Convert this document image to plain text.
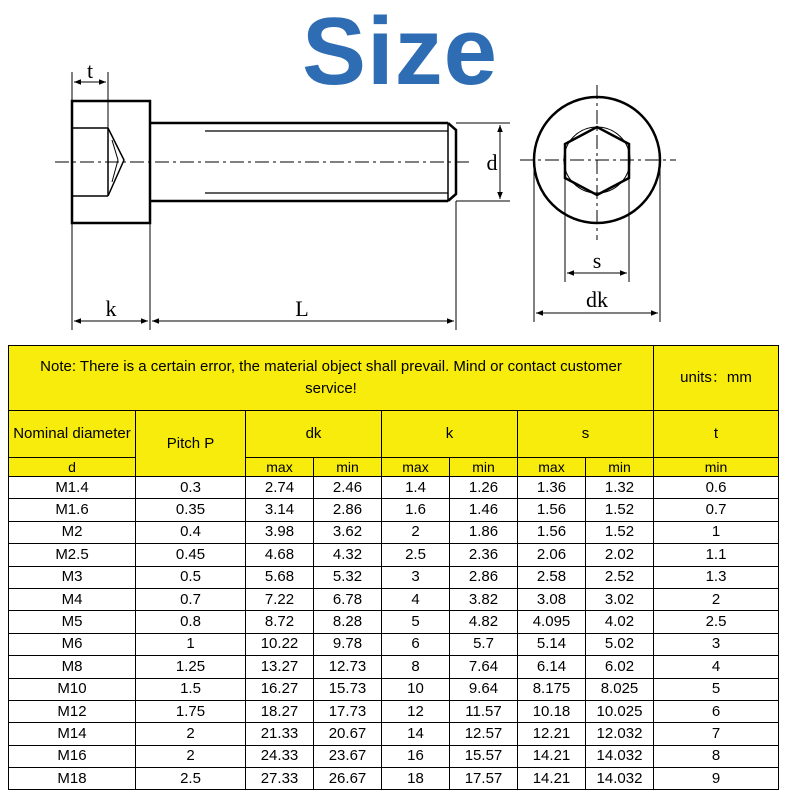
Size
t
d
k	L
s
dk
Note: There is a certain error, the material object shall prevail. Mind or contact customer service!								units：mm
Nominal diameter	Pitch P	dk		k		s		t
d		max	min	max	min	max	min	min
M1.4	0.3	2.74	2.46	1.4	1.26	1.36	1.32	0.6
M1.6	0.35	3.14	2.86	1.6	1.46	1.56	1.52	0.7
M2	0.4	3.98	3.62	2	1.86	1.56	1.52	1
M2.5	0.45	4.68	4.32	2.5	2.36	2.06	2.02	1.1
M3	0.5	5.68	5.32	3	2.86	2.58	2.52	1.3
M4	0.7	7.22	6.78	4	3.82	3.08	3.02	2
M5	0.8	8.72	8.28	5	4.82	4.095	4.02	2.5
M6	1	10.22	9.78	6	5.7	5.14	5.02	3
M8	1.25	13.27	12.73	8	7.64	6.14	6.02	4
M10	1.5	16.27	15.73	10	9.64	8.175	8.025	5
M12	1.75	18.27	17.73	12	11.57	10.18	10.025	6
M14	2	21.33	20.67	14	12.57	12.21	12.032	7
M16	2	24.33	23.67	16	15.57	14.21	14.032	8
M18	2.5	27.33	26.67	18	17.57	14.21	14.032	9
